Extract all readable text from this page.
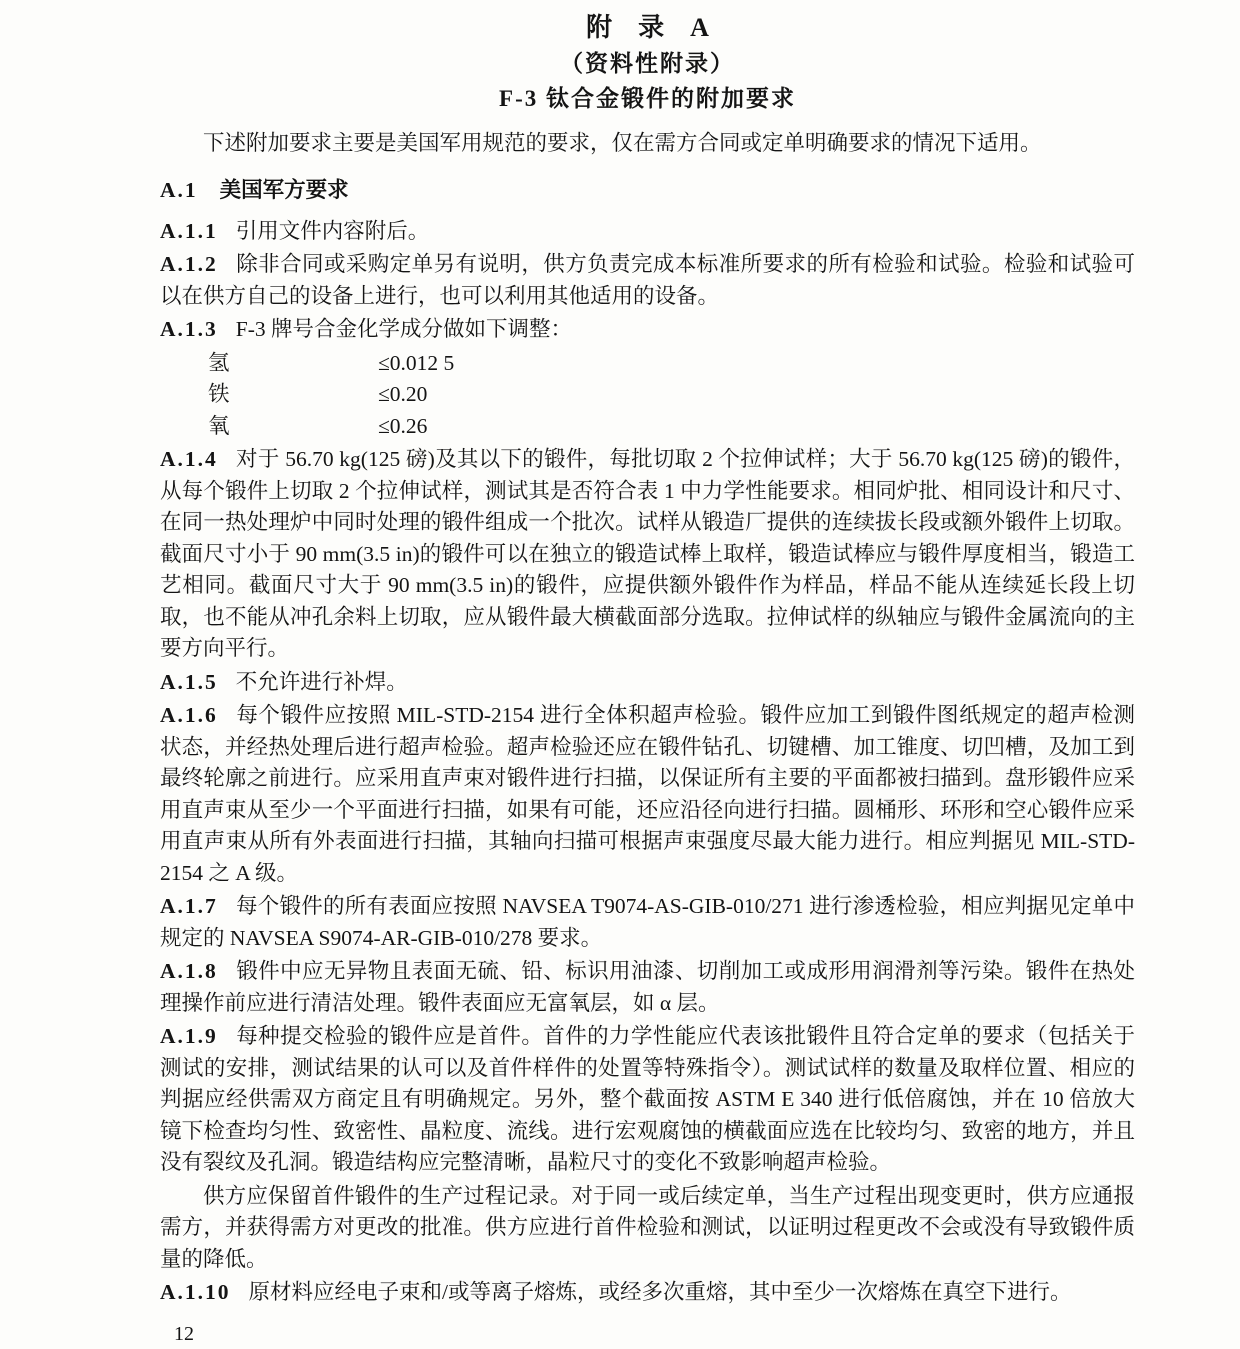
附　录　A

（资料性附录）

F-3 钛合金锻件的附加要求

下述附加要求主要是美国军用规范的要求，仅在需方合同或定单明确要求的情况下适用。

A.1 美国军方要求

A.1.1 引用文件内容附后。

A.1.2 除非合同或采购定单另有说明，供方负责完成本标准所要求的所有检验和试验。检验和试验可以在供方自己的设备上进行，也可以利用其他适用的设备。

A.1.3 F-3 牌号合金化学成分做如下调整：

氢	≤0.012 5
铁	≤0.20
氧	≤0.26

A.1.4 对于 56.70 kg(125 磅)及其以下的锻件，每批切取 2 个拉伸试样；大于 56.70 kg(125 磅)的锻件，从每个锻件上切取 2 个拉伸试样，测试其是否符合表 1 中力学性能要求。相同炉批、相同设计和尺寸、在同一热处理炉中同时处理的锻件组成一个批次。试样从锻造厂提供的连续拔长段或额外锻件上切取。截面尺寸小于 90 mm(3.5 in)的锻件可以在独立的锻造试棒上取样，锻造试棒应与锻件厚度相当，锻造工艺相同。截面尺寸大于 90 mm(3.5 in)的锻件，应提供额外锻件作为样品，样品不能从连续延长段上切取，也不能从冲孔余料上切取，应从锻件最大横截面部分选取。拉伸试样的纵轴应与锻件金属流向的主要方向平行。

A.1.5 不允许进行补焊。

A.1.6 每个锻件应按照 MIL-STD-2154 进行全体积超声检验。锻件应加工到锻件图纸规定的超声检测状态，并经热处理后进行超声检验。超声检验还应在锻件钻孔、切键槽、加工锥度、切凹槽，及加工到最终轮廓之前进行。应采用直声束对锻件进行扫描，以保证所有主要的平面都被扫描到。盘形锻件应采用直声束从至少一个平面进行扫描，如果有可能，还应沿径向进行扫描。圆桶形、环形和空心锻件应采用直声束从所有外表面进行扫描，其轴向扫描可根据声束强度尽最大能力进行。相应判据见 MIL-STD-2154 之 A 级。

A.1.7 每个锻件的所有表面应按照 NAVSEA T9074-AS-GIB-010/271 进行渗透检验，相应判据见定单中规定的 NAVSEA S9074-AR-GIB-010/278 要求。

A.1.8 锻件中应无异物且表面无硫、铅、标识用油漆、切削加工或成形用润滑剂等污染。锻件在热处理操作前应进行清洁处理。锻件表面应无富氧层，如 α 层。

A.1.9 每种提交检验的锻件应是首件。首件的力学性能应代表该批锻件且符合定单的要求（包括关于测试的安排，测试结果的认可以及首件样件的处置等特殊指令）。测试试样的数量及取样位置、相应的判据应经供需双方商定且有明确规定。另外，整个截面按 ASTM E 340 进行低倍腐蚀，并在 10 倍放大镜下检查均匀性、致密性、晶粒度、流线。进行宏观腐蚀的横截面应选在比较均匀、致密的地方，并且没有裂纹及孔洞。锻造结构应完整清晰，晶粒尺寸的变化不致影响超声检验。

供方应保留首件锻件的生产过程记录。对于同一或后续定单，当生产过程出现变更时，供方应通报需方，并获得需方对更改的批准。供方应进行首件检验和测试，以证明过程更改不会或没有导致锻件质量的降低。

A.1.10 原材料应经电子束和/或等离子熔炼，或经多次重熔，其中至少一次熔炼在真空下进行。

12
